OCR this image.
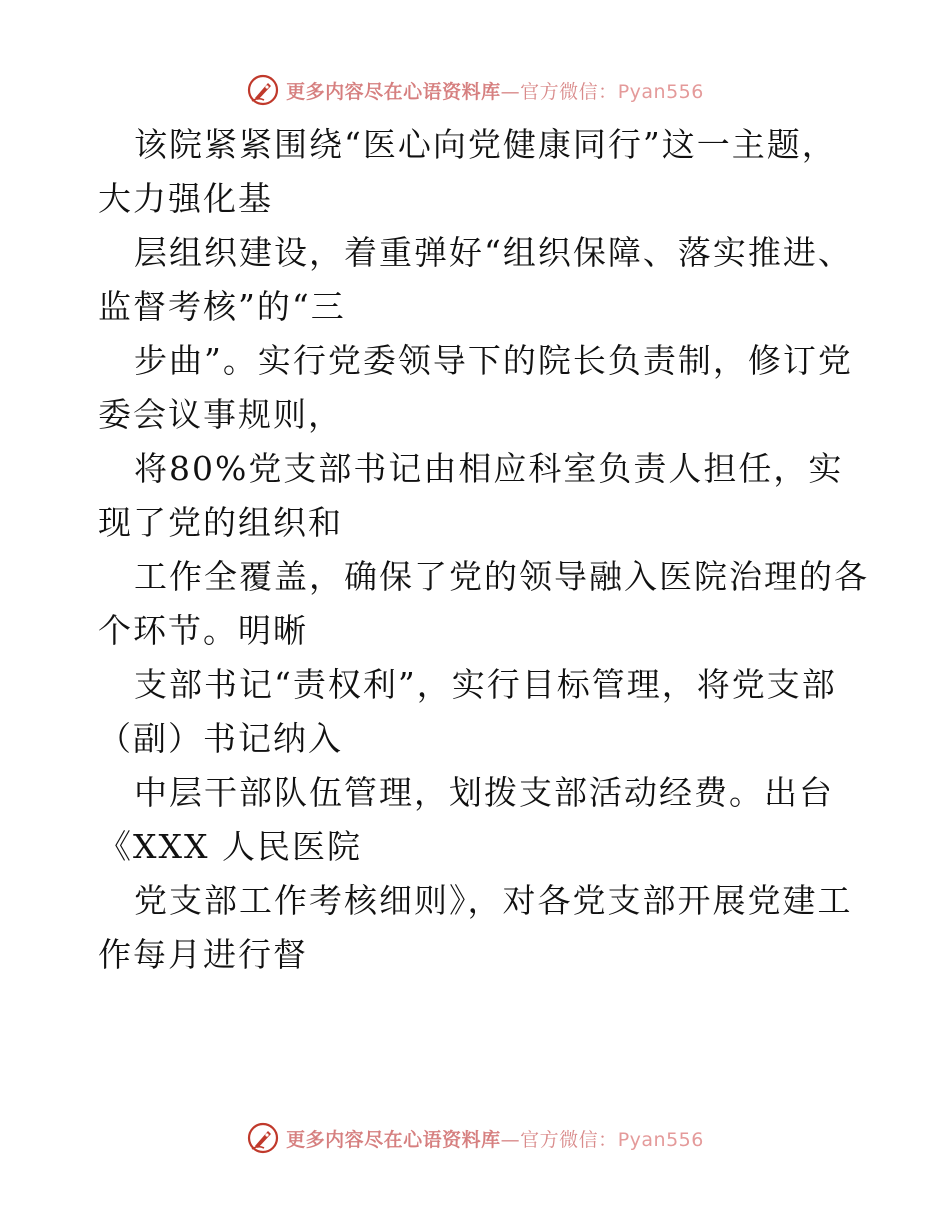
更多内容尽在心语资料库—官方微信：Pyan556
该院紧紧围绕“医心向党健康同行”这一主题，
大力强化基
层组织建设，着重弹好“组织保障、落实推进、
监督考核”的“三
步曲”。实行党委领导下的院长负责制，修订党
委会议事规则，
将80%党支部书记由相应科室负责人担任，实
现了党的组织和
工作全覆盖，确保了党的领导融入医院治理的各
个环节。明晰
支部书记“责权利”，实行目标管理，将党支部
（副）书记纳入
中层干部队伍管理，划拨支部活动经费。出台
《XXX 人民医院
党支部工作考核细则》，对各党支部开展党建工
作每月进行督
更多内容尽在心语资料库—官方微信：Pyan556
